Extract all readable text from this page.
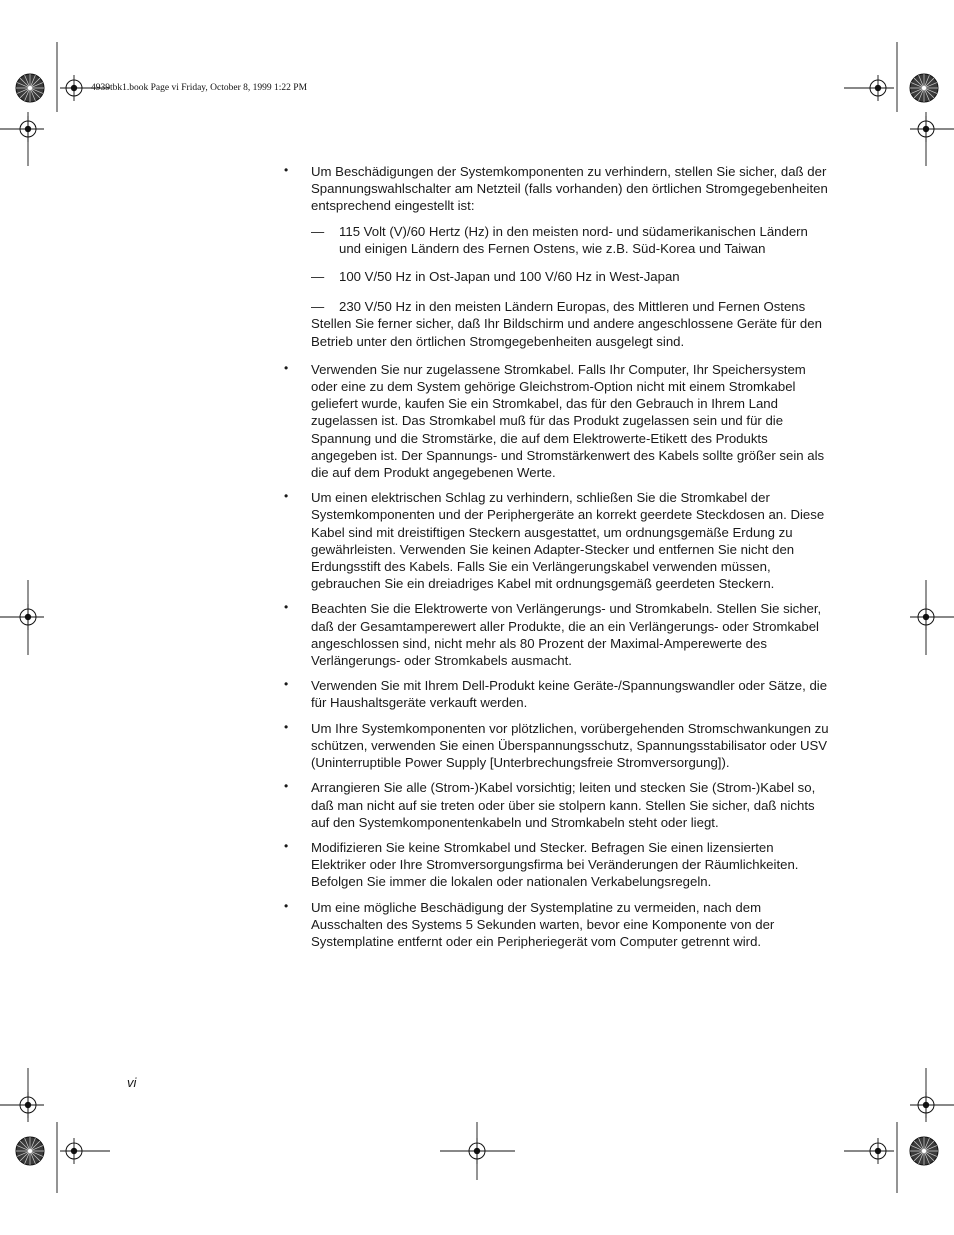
4939tbk1.book Page vi Friday, October 8, 1999 1:22 PM
• Um Beschädigungen der Systemkomponenten zu verhindern, stellen Sie sicher, daß der Spannungswahlschalter am Netzteil (falls vorhanden) den örtlichen Stromgegebenheiten entsprechend eingestellt ist:

— 115 Volt (V)/60 Hertz (Hz) in den meisten nord- und südamerikanischen Ländern und einigen Ländern des Fernen Ostens, wie z.B. Süd-Korea und Taiwan
— 100 V/50 Hz in Ost-Japan und 100 V/60 Hz in West-Japan
— 230 V/50 Hz in den meisten Ländern Europas, des Mittleren und Fernen Ostens

Stellen Sie ferner sicher, daß Ihr Bildschirm und andere angeschlossene Geräte für den Betrieb unter den örtlichen Stromgegebenheiten ausgelegt sind.

• Verwenden Sie nur zugelassene Stromkabel. Falls Ihr Computer, Ihr Speichersystem oder eine zu dem System gehörige Gleichstrom-Option nicht mit einem Stromkabel geliefert wurde, kaufen Sie ein Stromkabel, das für den Gebrauch in Ihrem Land zugelassen ist. Das Stromkabel muß für das Produkt zugelassen sein und für die Spannung und die Stromstärke, die auf dem Elektrowerte-Etikett des Produkts angegeben ist. Der Spannungs- und Stromstärkenwert des Kabels sollte größer sein als die auf dem Produkt angegebenen Werte.

• Um einen elektrischen Schlag zu verhindern, schließen Sie die Stromkabel der Systemkomponenten und der Periphergeräte an korrekt geerdete Steckdosen an. Diese Kabel sind mit dreistiftigen Steckern ausgestattet, um ordnungsgemäße Erdung zu gewährleisten. Verwenden Sie keinen Adapter-Stecker und entfernen Sie nicht den Erdungsstift des Kabels. Falls Sie ein Verlängerungskabel verwenden müssen, gebrauchen Sie ein dreiadriges Kabel mit ordnungsgemäß geerdeten Steckern.

• Beachten Sie die Elektrowerte von Verlängerungs- und Stromkabeln. Stellen Sie sicher, daß der Gesamtamperewert aller Produkte, die an ein Verlängerungs- oder Stromkabel angeschlossen sind, nicht mehr als 80 Prozent der Maximal-Amperewerte des Verlängerungs- oder Stromkabels ausmacht.

• Verwenden Sie mit Ihrem Dell-Produkt keine Geräte-/Spannungswandler oder Sätze, die für Haushaltsgeräte verkauft werden.

• Um Ihre Systemkomponenten vor plötzlichen, vorübergehenden Stromschwankungen zu schützen, verwenden Sie einen Überspannungsschutz, Spannungsstabilisator oder USV (Uninterruptible Power Supply [Unterbrechungsfreie Stromversorgung]).

• Arrangieren Sie alle (Strom-)Kabel vorsichtig; leiten und stecken Sie (Strom-)Kabel so, daß man nicht auf sie treten oder über sie stolpern kann. Stellen Sie sicher, daß nichts auf den Systemkomponentenkabeln und Stromkabeln steht oder liegt.

• Modifizieren Sie keine Stromkabel und Stecker. Befragen Sie einen lizensierten Elektriker oder Ihre Stromversorgungsfirma bei Veränderungen der Räumlichkeiten. Befolgen Sie immer die lokalen oder nationalen Verkabelungsregeln.

• Um eine mögliche Beschädigung der Systemplatine zu vermeiden, nach dem Ausschalten des Systems 5 Sekunden warten, bevor eine Komponente von der Systemplatine entfernt oder ein Peripheriegerät vom Computer getrennt wird.

vi
